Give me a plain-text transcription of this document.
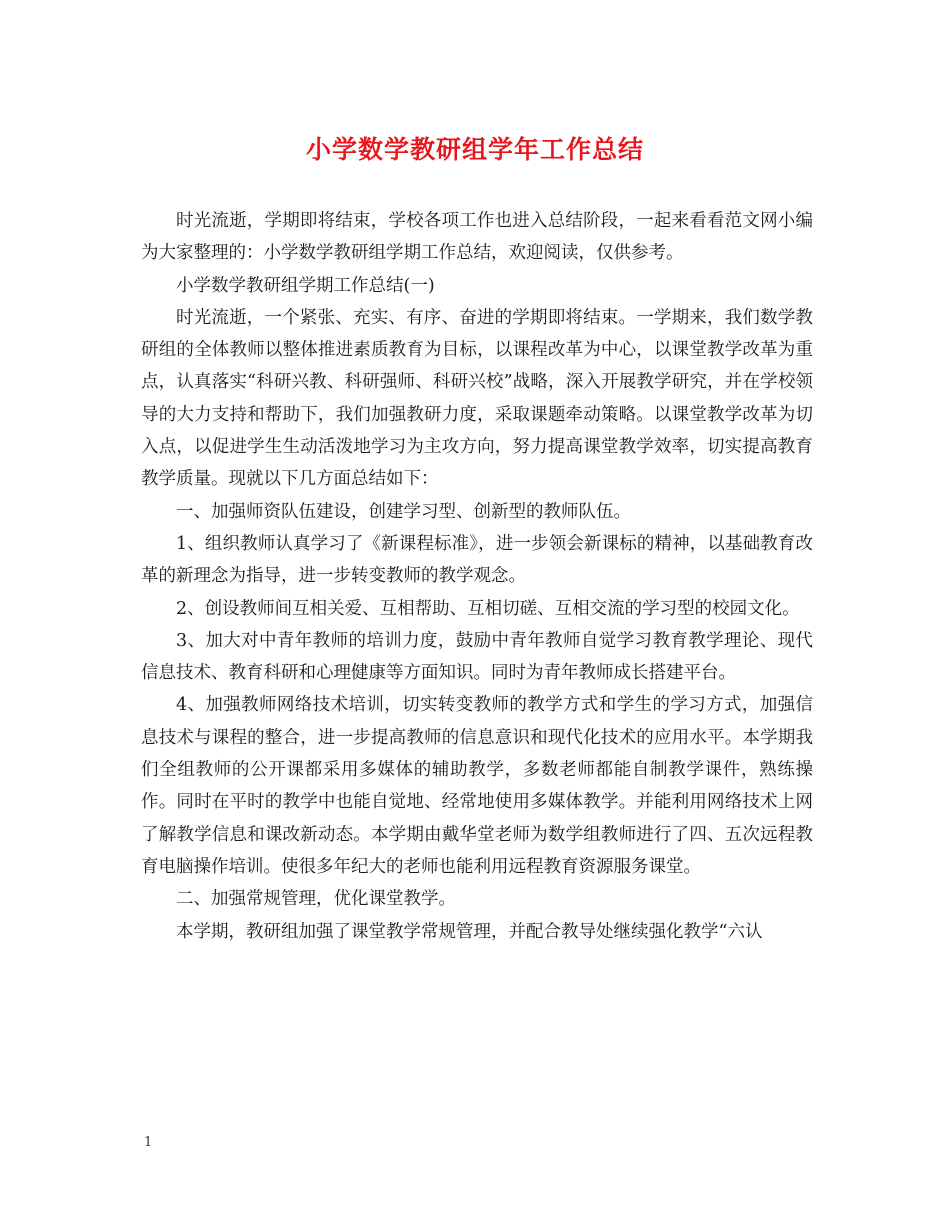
小学数学教研组学年工作总结

时光流逝，学期即将结束，学校各项工作也进入总结阶段，一起来看看范文网小编为大家整理的：小学数学教研组学期工作总结，欢迎阅读，仅供参考。

小学数学教研组学期工作总结(一)

时光流逝，一个紧张、充实、有序、奋进的学期即将结束。一学期来，我们数学教研组的全体教师以整体推进素质教育为目标，以课程改革为中心，以课堂教学改革为重点，认真落实“科研兴教、科研强师、科研兴校”战略，深入开展教学研究，并在学校领导的大力支持和帮助下，我们加强教研力度，采取课题牵动策略。以课堂教学改革为切入点，以促进学生生动活泼地学习为主攻方向，努力提高课堂教学效率，切实提高教育教学质量。现就以下几方面总结如下：

一、加强师资队伍建设，创建学习型、创新型的教师队伍。

1、组织教师认真学习了《新课程标准》，进一步领会新课标的精神，以基础教育改革的新理念为指导，进一步转变教师的教学观念。

2、创设教师间互相关爱、互相帮助、互相切磋、互相交流的学习型的校园文化。

3、加大对中青年教师的培训力度，鼓励中青年教师自觉学习教育教学理论、现代信息技术、教育科研和心理健康等方面知识。同时为青年教师成长搭建平台。

4、加强教师网络技术培训，切实转变教师的教学方式和学生的学习方式，加强信息技术与课程的整合，进一步提高教师的信息意识和现代化技术的应用水平。本学期我们全组教师的公开课都采用多媒体的辅助教学，多数老师都能自制教学课件，熟练操作。同时在平时的教学中也能自觉地、经常地使用多媒体教学。并能利用网络技术上网了解教学信息和课改新动态。本学期由戴华堂老师为数学组教师进行了四、五次远程教育电脑操作培训。使很多年纪大的老师也能利用远程教育资源服务课堂。

二、加强常规管理，优化课堂教学。

本学期，教研组加强了课堂教学常规管理，并配合教导处继续强化教学“六认

1
